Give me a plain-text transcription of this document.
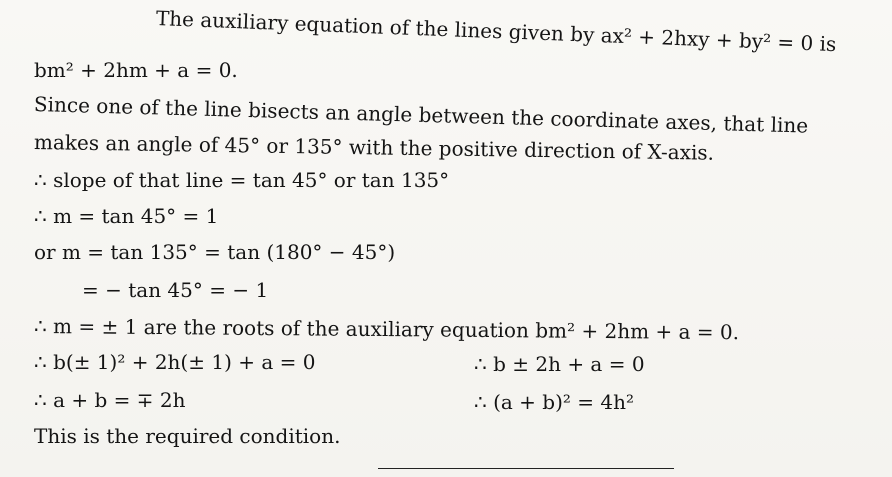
The auxiliary equation of the lines given by ax² + 2hxy + by² = 0 is
bm² + 2hm + a = 0.
Since one of the line bisects an angle between the coordinate axes, that line
makes an angle of 45° or 135° with the positive direction of X-axis.
∴ slope of that line = tan 45° or tan 135°
∴ m = tan 45° = 1
or m = tan 135° = tan (180° − 45°)
= − tan 45° = − 1
∴ m = ± 1 are the roots of the auxiliary equation bm² + 2hm + a = 0.
∴ b(± 1)² + 2h(± 1) + a = 0	∴ b ± 2h + a = 0
∴ a + b = ∓ 2h	∴ (a + b)² = 4h²
This is the required condition.
